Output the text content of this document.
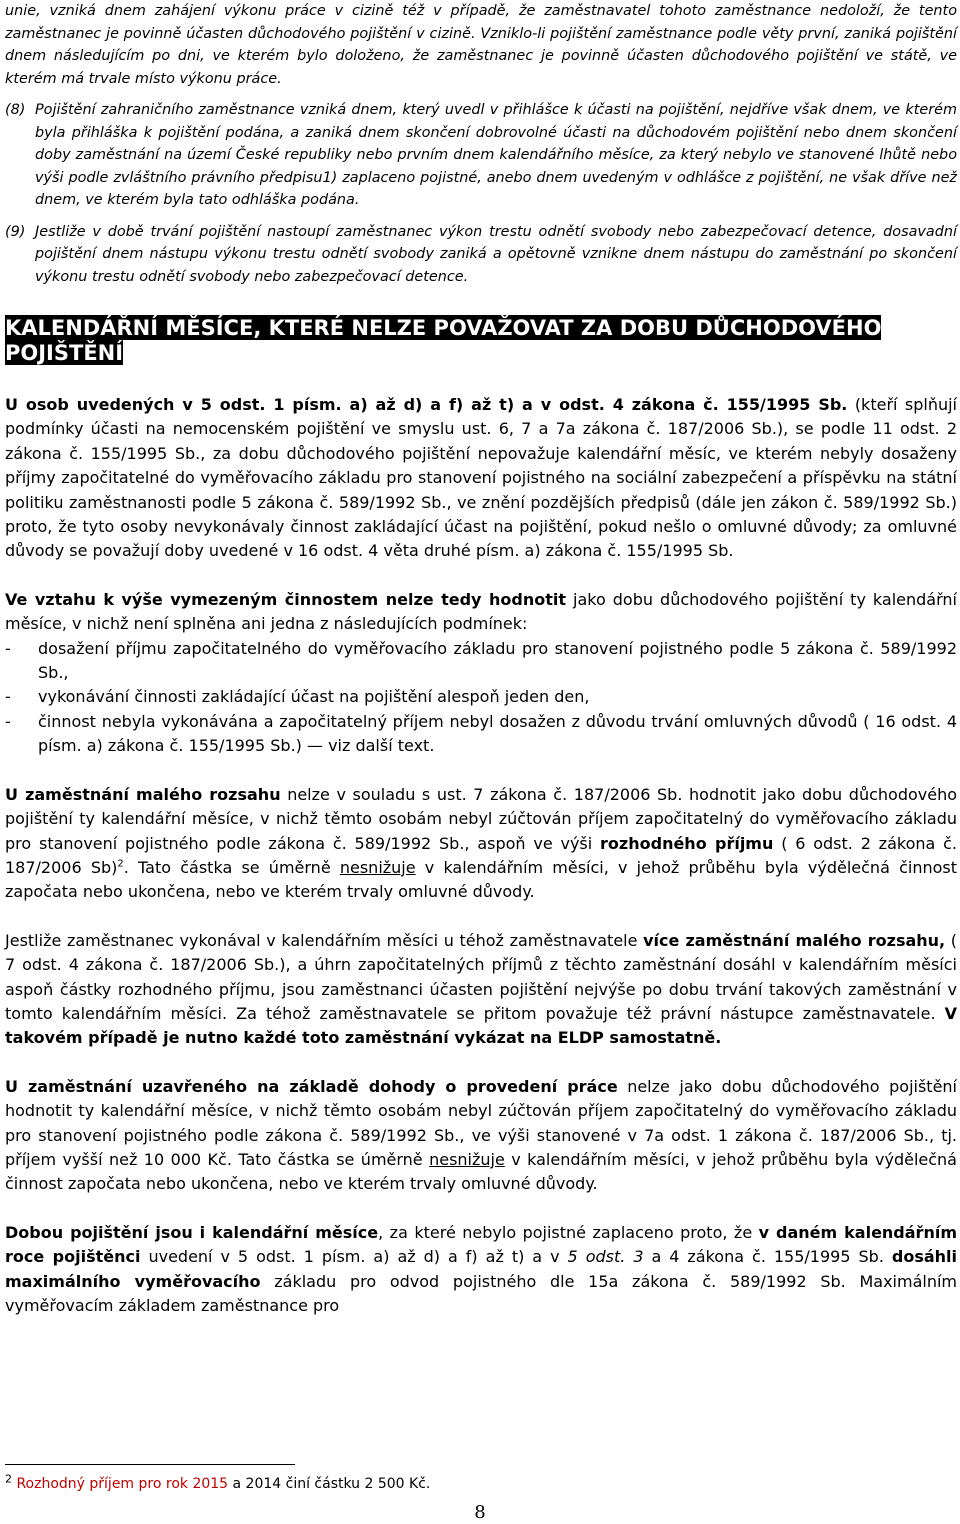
unie, vzniká dnem zahájení výkonu práce v cizině též v případě, že zaměstnavatel tohoto zaměstnance nedoloží, že tento zaměstnanec je povinně účasten důchodového pojištění v cizině. Vzniklo-li pojištění zaměstnance podle věty první, zaniká pojištění dnem následujícím po dni, ve kterém bylo doloženo, že zaměstnanec je povinně účasten důchodového pojištění ve státě, ve kterém má trvale místo výkonu práce.

(8) Pojištění zahraničního zaměstnance vzniká dnem, který uvedl v přihlášce k účasti na pojištění, nejdříve však dnem, ve kterém byla přihláška k pojištění podána, a zaniká dnem skončení dobrovolné účasti na důchodovém pojištění nebo dnem skončení doby zaměstnání na území České republiky nebo prvním dnem kalendářního měsíce, za který nebylo ve stanovené lhůtě nebo výši podle zvláštního právního předpisu1) zaplaceno pojistné, anebo dnem uvedeným v odhlášce z pojištění, ne však dříve než dnem, ve kterém byla tato odhláška podána.
(9) Jestliže v době trvání pojištění nastoupí zaměstnanec výkon trestu odnětí svobody nebo zabezpečovací detence, dosavadní pojištění dnem nástupu výkonu trestu odnětí svobody zaniká a opětovně vznikne dnem nástupu do zaměstnání po skončení výkonu trestu odnětí svobody nebo zabezpečovací detence.
KALENDÁŘNÍ MĚSÍCE, KTERÉ NELZE POVAŽOVAT ZA DOBU DŮCHODOVÉHO
POJIŠTĚNÍ

U osob uvedených v 5 odst. 1 písm. a) až d) a f) až t) a v odst. 4 zákona č. 155/1995 Sb. (kteří splňují podmínky účasti na nemocenském pojištění ve smyslu ust. 6, 7 a 7a zákona č. 187/2006 Sb.), se podle 11 odst. 2 zákona č. 155/1995 Sb., za dobu důchodového pojištění nepovažuje kalendářní měsíc, ve kterém nebyly dosaženy příjmy započitatelné do vyměřovacího základu pro stanovení pojistného na sociální zabezpečení a příspěvku na státní politiku zaměstnanosti podle 5 zákona č. 589/1992 Sb., ve znění pozdějších předpisů (dále jen zákon č. 589/1992 Sb.) proto, že tyto osoby nevykonávaly činnost zakládající účast na pojištění, pokud nešlo o omluvné důvody; za omluvné důvody se považují doby uvedené v 16 odst. 4 věta druhé písm. a) zákona č. 155/1995 Sb.

Ve vztahu k výše vymezeným činnostem nelze tedy hodnotit jako dobu důchodového pojištění ty kalendářní měsíce, v nichž není splněna ani jedna z následujících podmínek:

-	dosažení příjmu započitatelného do vyměřovacího základu pro stanovení pojistného podle 5 zákona č. 589/1992 Sb.,
-	vykonávání činnosti zakládající účast na pojištění alespoň jeden den,
-	činnost nebyla vykonávána a započitatelný příjem nebyl dosažen z důvodu trvání omluvných důvodů ( 16 odst. 4 písm. a) zákona č. 155/1995 Sb.) — viz další text.

U zaměstnání malého rozsahu nelze v souladu s ust. 7 zákona č. 187/2006 Sb. hodnotit jako dobu důchodového pojištění ty kalendářní měsíce, v nichž těmto osobám nebyl zúčtován příjem započitatelný do vyměřovacího základu pro stanovení pojistného podle zákona č. 589/1992 Sb., aspoň ve výši rozhodného příjmu ( 6 odst. 2 zákona č. 187/2006 Sb)$^2$. Tato částka se úměrně nesnižuje v kalendářním měsíci, v jehož průběhu byla výdělečná činnost započata nebo ukončena, nebo ve kterém trvaly omluvné důvody.

Jestliže zaměstnanec vykonával v kalendářním měsíci u téhož zaměstnavatele více zaměstnání malého rozsahu, ( 7 odst. 4 zákona č. 187/2006 Sb.), a úhrn započitatelných příjmů z těchto zaměstnání dosáhl v kalendářním měsíci aspoň částky rozhodného příjmu, jsou zaměstnanci účasten pojištění nejvýše po dobu trvání takových zaměstnání v tomto kalendářním měsíci. Za téhož zaměstnavatele se přitom považuje též právní nástupce zaměstnavatele. V takovém případě je nutno každé toto zaměstnání vykázat na ELDP samostatně.

U zaměstnání uzavřeného na základě dohody o provedení práce nelze jako dobu důchodového pojištění hodnotit ty kalendářní měsíce, v nichž těmto osobám nebyl zúčtován příjem započitatelný do vyměřovacího základu pro stanovení pojistného podle zákona č. 589/1992 Sb., ve výši stanovené v 7a odst. 1 zákona č. 187/2006 Sb., tj. příjem vyšší než 10 000 Kč. Tato částka se úměrně nesnižuje v kalendářním měsíci, v jehož průběhu byla výdělečná činnost započata nebo ukončena, nebo ve kterém trvaly omluvné důvody.

Dobou pojištění jsou i kalendářní měsíce, za které nebylo pojistné zaplaceno proto, že v daném kalendářním roce pojištěnci uvedení v 5 odst. 1 písm. a) až d) a f) až t) a v 5 odst. 3 a 4 zákona č. 155/1995 Sb. dosáhli maximálního vyměřovacího základu pro odvod pojistného dle 15a zákona č. 589/1992 Sb. Maximálním vyměřovacím základem zaměstnance pro

$^2$ Rozhodný příjem pro rok 2015 a 2014 činí částku 2 500 Kč.
8
